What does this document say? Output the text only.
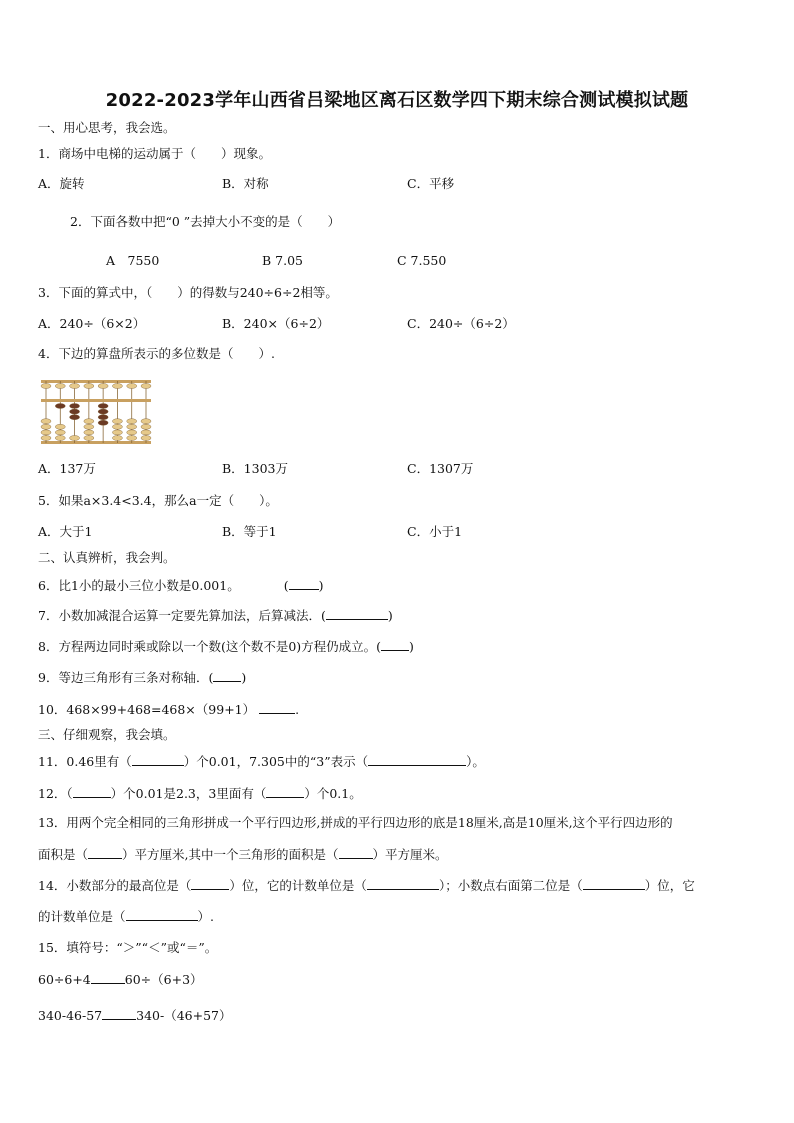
2022-2023学年山西省吕梁地区离石区数学四下期末综合测试模拟试题
一、用心思考，我会选。
1．商场中电梯的运动属于（　　）现象。
A．旋转	B．对称	C．平移
2．下面各数中把“0 ”去掉大小不变的是（　　）
A　7550	B 7.05	C 7.550
3．下面的算式中，（　　）的得数与240÷6÷2相等。
A．240÷（6×2）	B．240×（6÷2）	C．240÷（6÷2）
4．下边的算盘所表示的多位数是（　　）.
A．137万	B．1303万	C．1307万
5．如果a×3.4<3.4，那么a一定（　　）。
A．大于1	B．等于1	C．小于1
二、认真辨析，我会判。
6．比1小的最小三位小数是0.001。	( )
7．小数加减混合运算一定要先算加法，后算减法．(	)
8．方程两边同时乘或除以一个数(这个数不是0)方程仍成立。( )
9．等边三角形有三条对称轴．( )
10．468×99+468=468×（99+1）	.
三、仔细观察，我会填。
11．0.46里有（	）个0.01，7.305中的“3”表示（	）。
12．（	）个0.01是2.3，3里面有（	）个0.1。
13．用两个完全相同的三角形拼成一个平行四边形,拼成的平行四边形的底是18厘米,高是10厘米,这个平行四边形的
面积是（	）平方厘米,其中一个三角形的面积是（	）平方厘米。
14．小数部分的最高位是（	）位，它的计数单位是（	）；小数点右面第二位是（	）位，它
的计数单位是（	）.
15．填符号：“＞”“＜”或“＝”。
60÷6+4	60÷（6+3）
340-46-57	340-（46+57）
